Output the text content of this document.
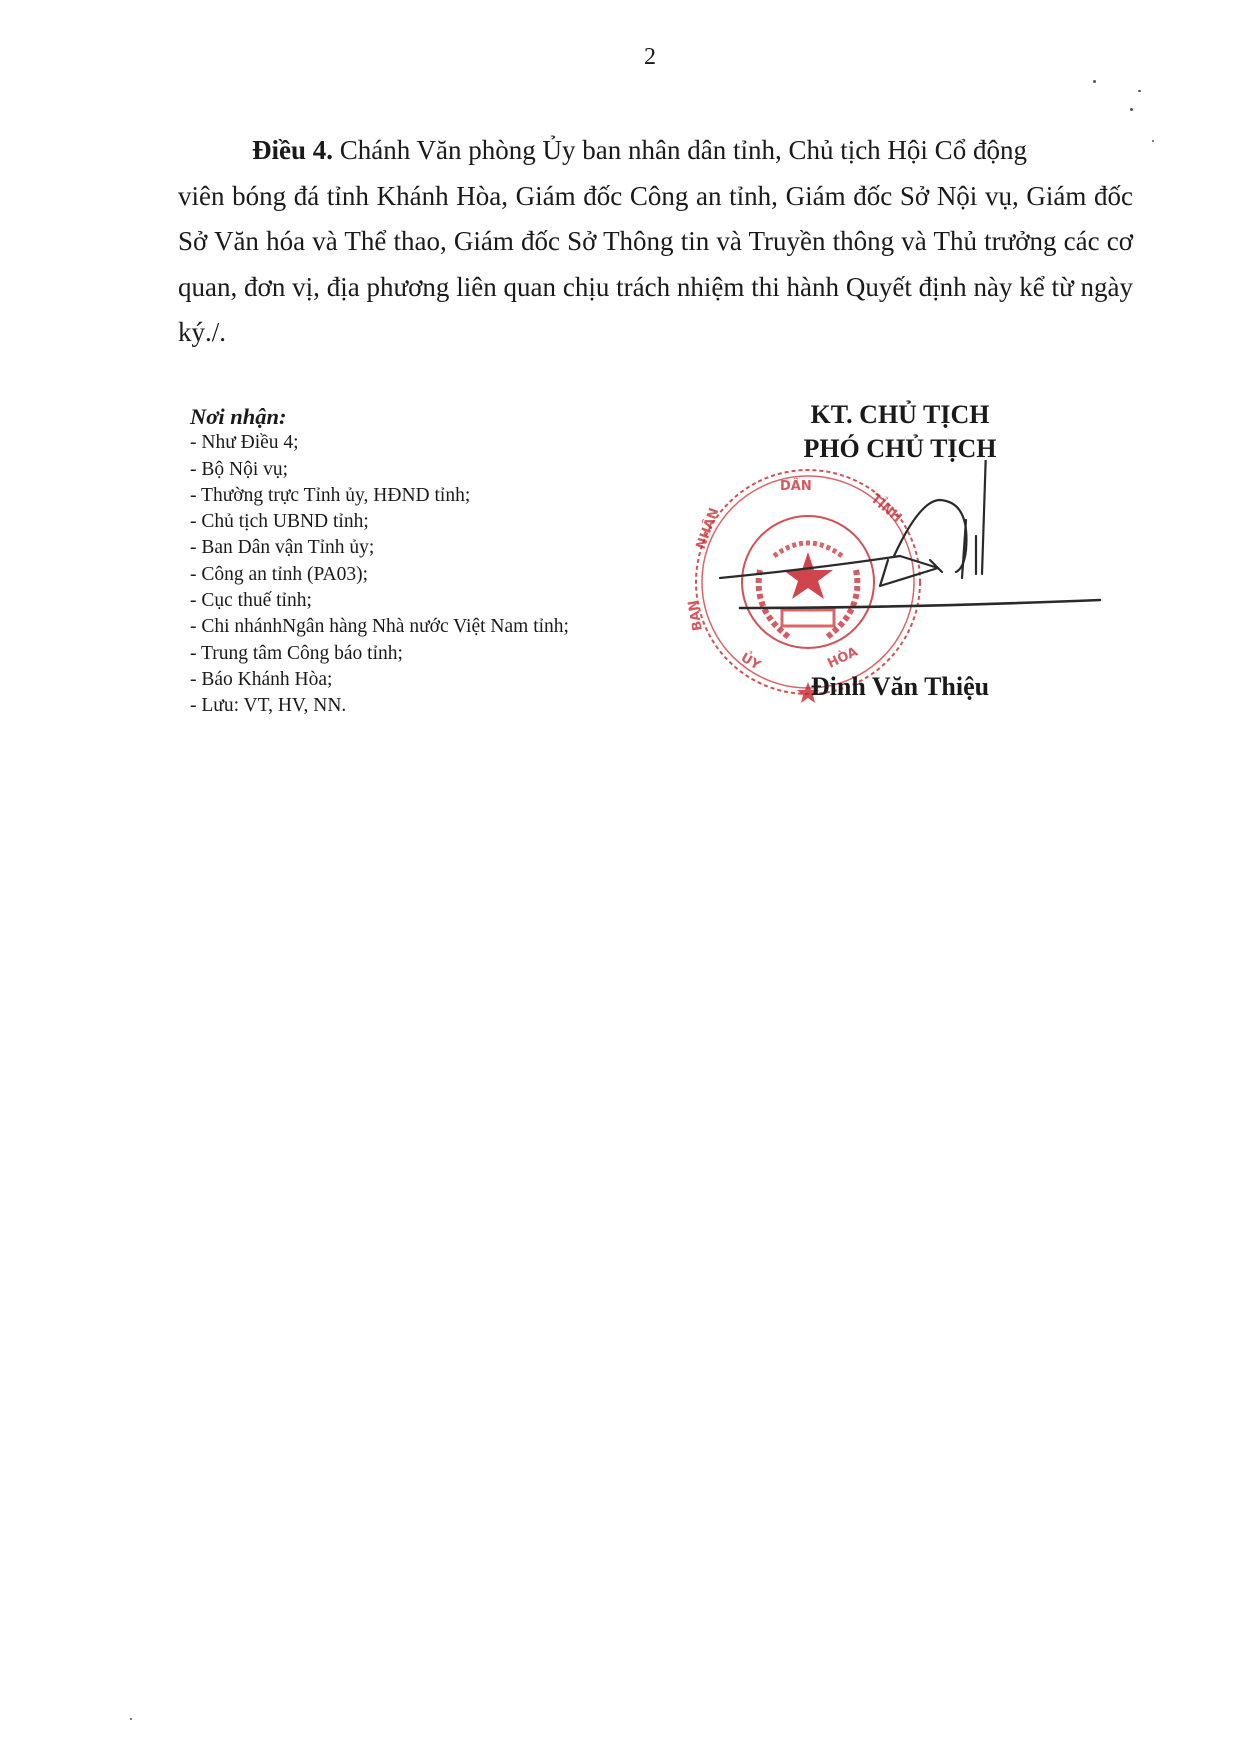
2
Điều 4. Chánh Văn phòng Ủy ban nhân dân tỉnh, Chủ tịch Hội Cổ động
viên bóng đá tỉnh Khánh Hòa, Giám đốc Công an tỉnh, Giám đốc Sở Nội vụ, Giám đốc Sở Văn hóa và Thể thao, Giám đốc Sở Thông tin và Truyền thông và Thủ trưởng các cơ quan, đơn vị, địa phương liên quan chịu trách nhiệm thi hành Quyết định này kể từ ngày ký./.
Nơi nhận:
- Như Điều 4;
- Bộ Nội vụ;
- Thường trực Tỉnh ủy, HĐND tỉnh;
- Chủ tịch UBND tỉnh;
- Ban Dân vận Tỉnh ủy;
- Công an tỉnh (PA03);
- Cục thuế tỉnh;
- Chi nhánhNgân hàng Nhà nước Việt Nam tỉnh;
- Trung tâm Công báo tỉnh;
- Báo Khánh Hòa;
- Lưu: VT, HV, NN.
KT. CHỦ TỊCH
PHÓ CHỦ TỊCH
DÂN
TỈNH
NHÂN
BAN
HÒA
ỦY
Đinh Văn Thiệu
